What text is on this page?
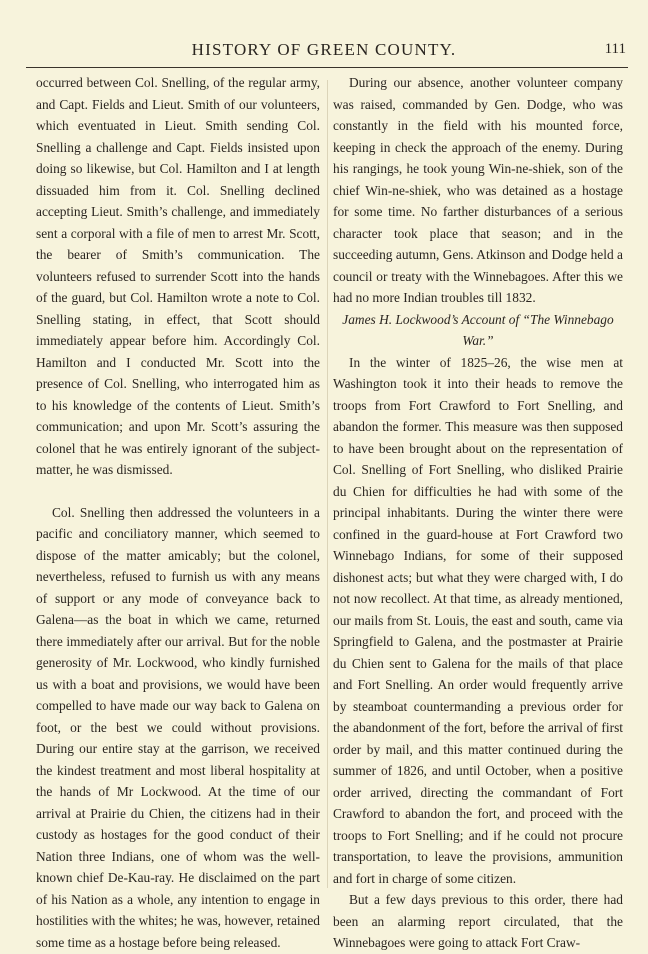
HISTORY OF GREEN COUNTY.	111

occurred between Col. Snelling, of the regular army, and Capt. Fields and Lieut. Smith of our volunteers, which eventuated in Lieut. Smith sending Col. Snelling a challenge and Capt. Fields insisted upon doing so likewise, but Col. Hamilton and I at length dissuaded him from it. Col. Snelling declined accepting Lieut. Smith’s challenge, and immediately sent a corporal with a file of men to arrest Mr. Scott, the bearer of Smith’s communication. The volunteers refused to surrender Scott into the hands of the guard, but Col. Hamilton wrote a note to Col. Snelling stating, in effect, that Scott should immediately appear before him. Accordingly Col. Hamilton and I conducted Mr. Scott into the presence of Col. Snelling, who interrogated him as to his knowledge of the contents of Lieut. Smith’s communication; and upon Mr. Scott’s assuring the colonel that he was entirely ignorant of the subject-matter, he was dismissed.

Col. Snelling then addressed the volunteers in a pacific and conciliatory manner, which seemed to dispose of the matter amicably; but the colonel, nevertheless, refused to furnish us with any means of support or any mode of conveyance back to Galena—as the boat in which we came, returned there immediately after our arrival. But for the noble generosity of Mr. Lockwood, who kindly furnished us with a boat and provisions, we would have been compelled to have made our way back to Galena on foot, or the best we could without provisions. During our entire stay at the garrison, we received the kindest treatment and most liberal hospitality at the hands of Mr Lockwood. At the time of our arrival at Prairie du Chien, the citizens had in their custody as hostages for the good conduct of their Nation three Indians, one of whom was the well-known chief De-Kau-ray. He disclaimed on the part of his Nation as a whole, any intention to engage in hostilities with the whites; he was, however, retained some time as a hostage before being released.

During our absence, another volunteer company was raised, commanded by Gen. Dodge, who was constantly in the field with his mounted force, keeping in check the approach of the enemy. During his rangings, he took young Win-ne-shiek, son of the chief Win-ne-shiek, who was detained as a hostage for some time. No farther disturbances of a serious character took place that season; and in the succeeding autumn, Gens. Atkinson and Dodge held a council or treaty with the Winnebagoes. After this we had no more Indian troubles till 1832.

James H. Lockwood’s Account of “The Winnebago War.”

In the winter of 1825–26, the wise men at Washington took it into their heads to remove the troops from Fort Crawford to Fort Snelling, and abandon the former. This measure was then supposed to have been brought about on the representation of Col. Snelling of Fort Snelling, who disliked Prairie du Chien for difficulties he had with some of the principal inhabitants. During the winter there were confined in the guard-house at Fort Crawford two Winnebago Indians, for some of their supposed dishonest acts; but what they were charged with, I do not now recollect. At that time, as already mentioned, our mails from St. Louis, the east and south, came via Springfield to Galena, and the postmaster at Prairie du Chien sent to Galena for the mails of that place and Fort Snelling. An order would frequently arrive by steamboat countermanding a previous order for the abandonment of the fort, before the arrival of first order by mail, and this matter continued during the summer of 1826, and until October, when a positive order arrived, directing the commandant of Fort Crawford to abandon the fort, and proceed with the troops to Fort Snelling; and if he could not procure transportation, to leave the provisions, ammunition and fort in charge of some citizen.

But a few days previous to this order, there had been an alarming report circulated, that the Winnebagoes were going to attack Fort Craw-
